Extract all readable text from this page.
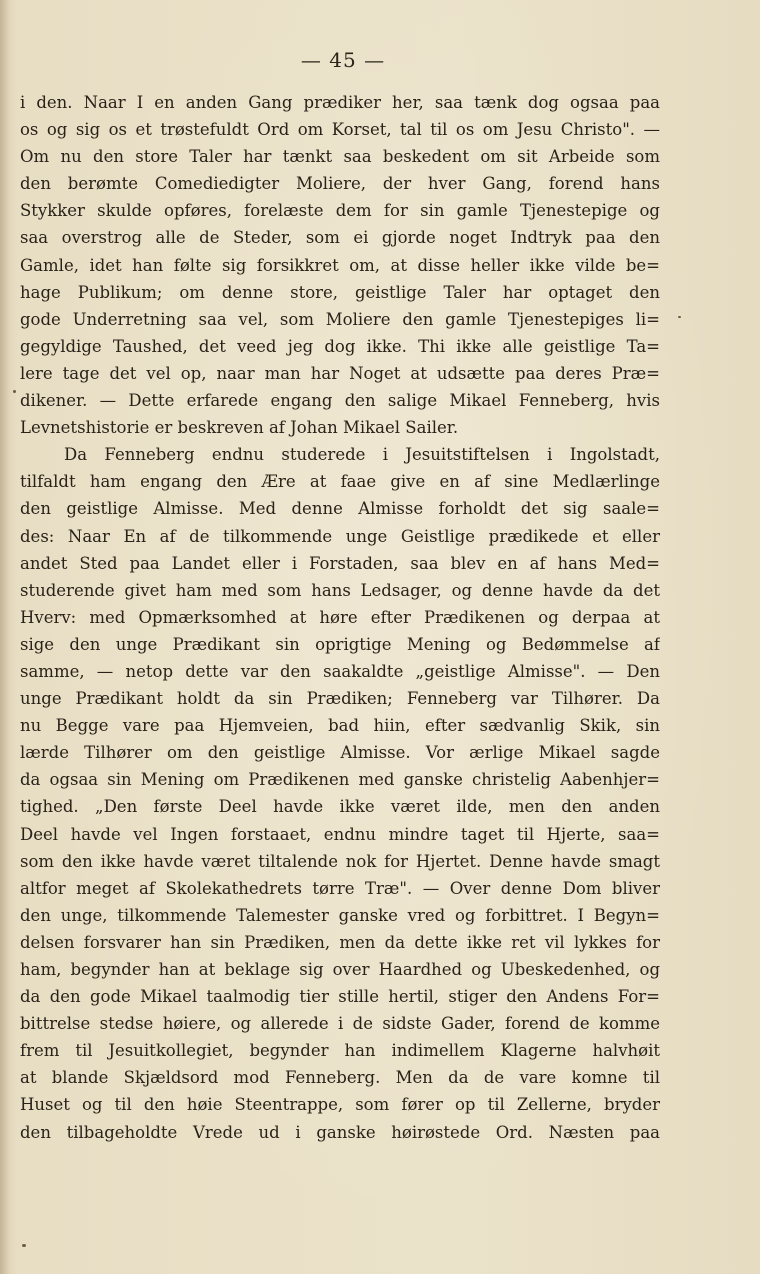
— 45 —
i den. Naar I en anden Gang prædiker her, saa tænk dog ogsaa paa
os og sig os et trøstefuldt Ord om Korset, tal til os om Jesu Christo". —
Om nu den store Taler har tænkt saa beskedent om sit Arbeide som
den berømte Comediedigter Moliere, der hver Gang, forend hans
Stykker skulde opføres, forelæste dem for sin gamle Tjenestepige og
saa overstrog alle de Steder, som ei gjorde noget Indtryk paa den
Gamle, idet han følte sig forsikkret om, at disse heller ikke vilde be=
hage Publikum; om denne store, geistlige Taler har optaget den
gode Underretning saa vel, som Moliere den gamle Tjenestepiges li=
gegyldige Taushed, det veed jeg dog ikke. Thi ikke alle geistlige Ta=
lere tage det vel op, naar man har Noget at udsætte paa deres Præ=
dikener. — Dette erfarede engang den salige Mikael Fenneberg, hvis
Levnetshistorie er beskreven af Johan Mikael Sailer.
Da Fenneberg endnu studerede i Jesuitstiftelsen i Ingolstadt,
tilfaldt ham engang den Ære at faae give en af sine Medlærlinge
den geistlige Almisse. Med denne Almisse forholdt det sig saale=
des: Naar En af de tilkommende unge Geistlige prædikede et eller
andet Sted paa Landet eller i Forstaden, saa blev en af hans Med=
studerende givet ham med som hans Ledsager, og denne havde da det
Hverv: med Opmærksomhed at høre efter Prædikenen og derpaa at
sige den unge Prædikant sin oprigtige Mening og Bedømmelse af
samme, — netop dette var den saakaldte „geistlige Almisse". — Den
unge Prædikant holdt da sin Prædiken; Fenneberg var Tilhører. Da
nu Begge vare paa Hjemveien, bad hiin, efter sædvanlig Skik, sin
lærde Tilhører om den geistlige Almisse. Vor ærlige Mikael sagde
da ogsaa sin Mening om Prædikenen med ganske christelig Aabenhjer=
tighed. „Den første Deel havde ikke været ilde, men den anden
Deel havde vel Ingen forstaaet, endnu mindre taget til Hjerte, saa=
som den ikke havde været tiltalende nok for Hjertet. Denne havde smagt
altfor meget af Skolekathedrets tørre Træ". — Over denne Dom bliver
den unge, tilkommende Talemester ganske vred og forbittret. I Begyn=
delsen forsvarer han sin Prædiken, men da dette ikke ret vil lykkes for
ham, begynder han at beklage sig over Haardhed og Ubeskedenhed, og
da den gode Mikael taalmodig tier stille hertil, stiger den Andens For=
bittrelse stedse høiere, og allerede i de sidste Gader, forend de komme
frem til Jesuitkollegiet, begynder han indimellem Klagerne halvhøit
at blande Skjældsord mod Fenneberg. Men da de vare komne til
Huset og til den høie Steentrappe, som fører op til Zellerne, bryder
den tilbageholdte Vrede ud i ganske høirøstede Ord. Næsten paa
